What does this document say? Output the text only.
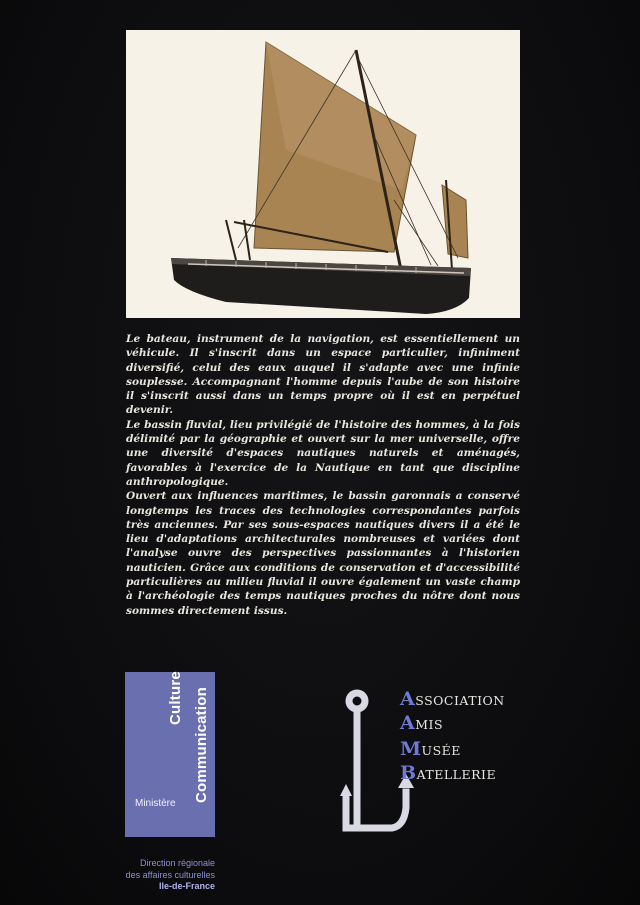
Le bateau, instrument de la navigation, est essentiellement un véhicule. Il s'inscrit dans un espace particulier, infiniment diversifié, celui des eaux auquel il s'adapte avec une infinie souplesse. Accompagnant l'homme depuis l'aube de son histoire il s'inscrit aussi dans un temps propre où il est en perpétuel devenir.

Le bassin fluvial, lieu privilégié de l'histoire des hommes, à la fois délimité par la géographie et ouvert sur la mer universelle, offre une diversité d'espaces nautiques naturels et aménagés, favorables à l'exercice de la Nautique en tant que discipline anthropologique.

Ouvert aux influences maritimes, le bassin garonnais a conservé longtemps les traces des technologies correspondantes parfois très anciennes. Par ses sous-espaces nautiques divers il a été le lieu d'adaptations architecturales nombreuses et variées dont l'analyse ouvre des perspectives passionnantes à l'historien nauticien. Grâce aux conditions de conservation et d'accessibilité particulières au milieu fluvial il ouvre également un vaste champ à l'archéologie des temps nautiques proches du nôtre dont nous sommes directement issus.

Culture Communication
Ministère
Direction régionale
des affaires culturelles
Ile-de-France
ASSOCIATION
AMIS
MUSÉE
BATELLERIE
